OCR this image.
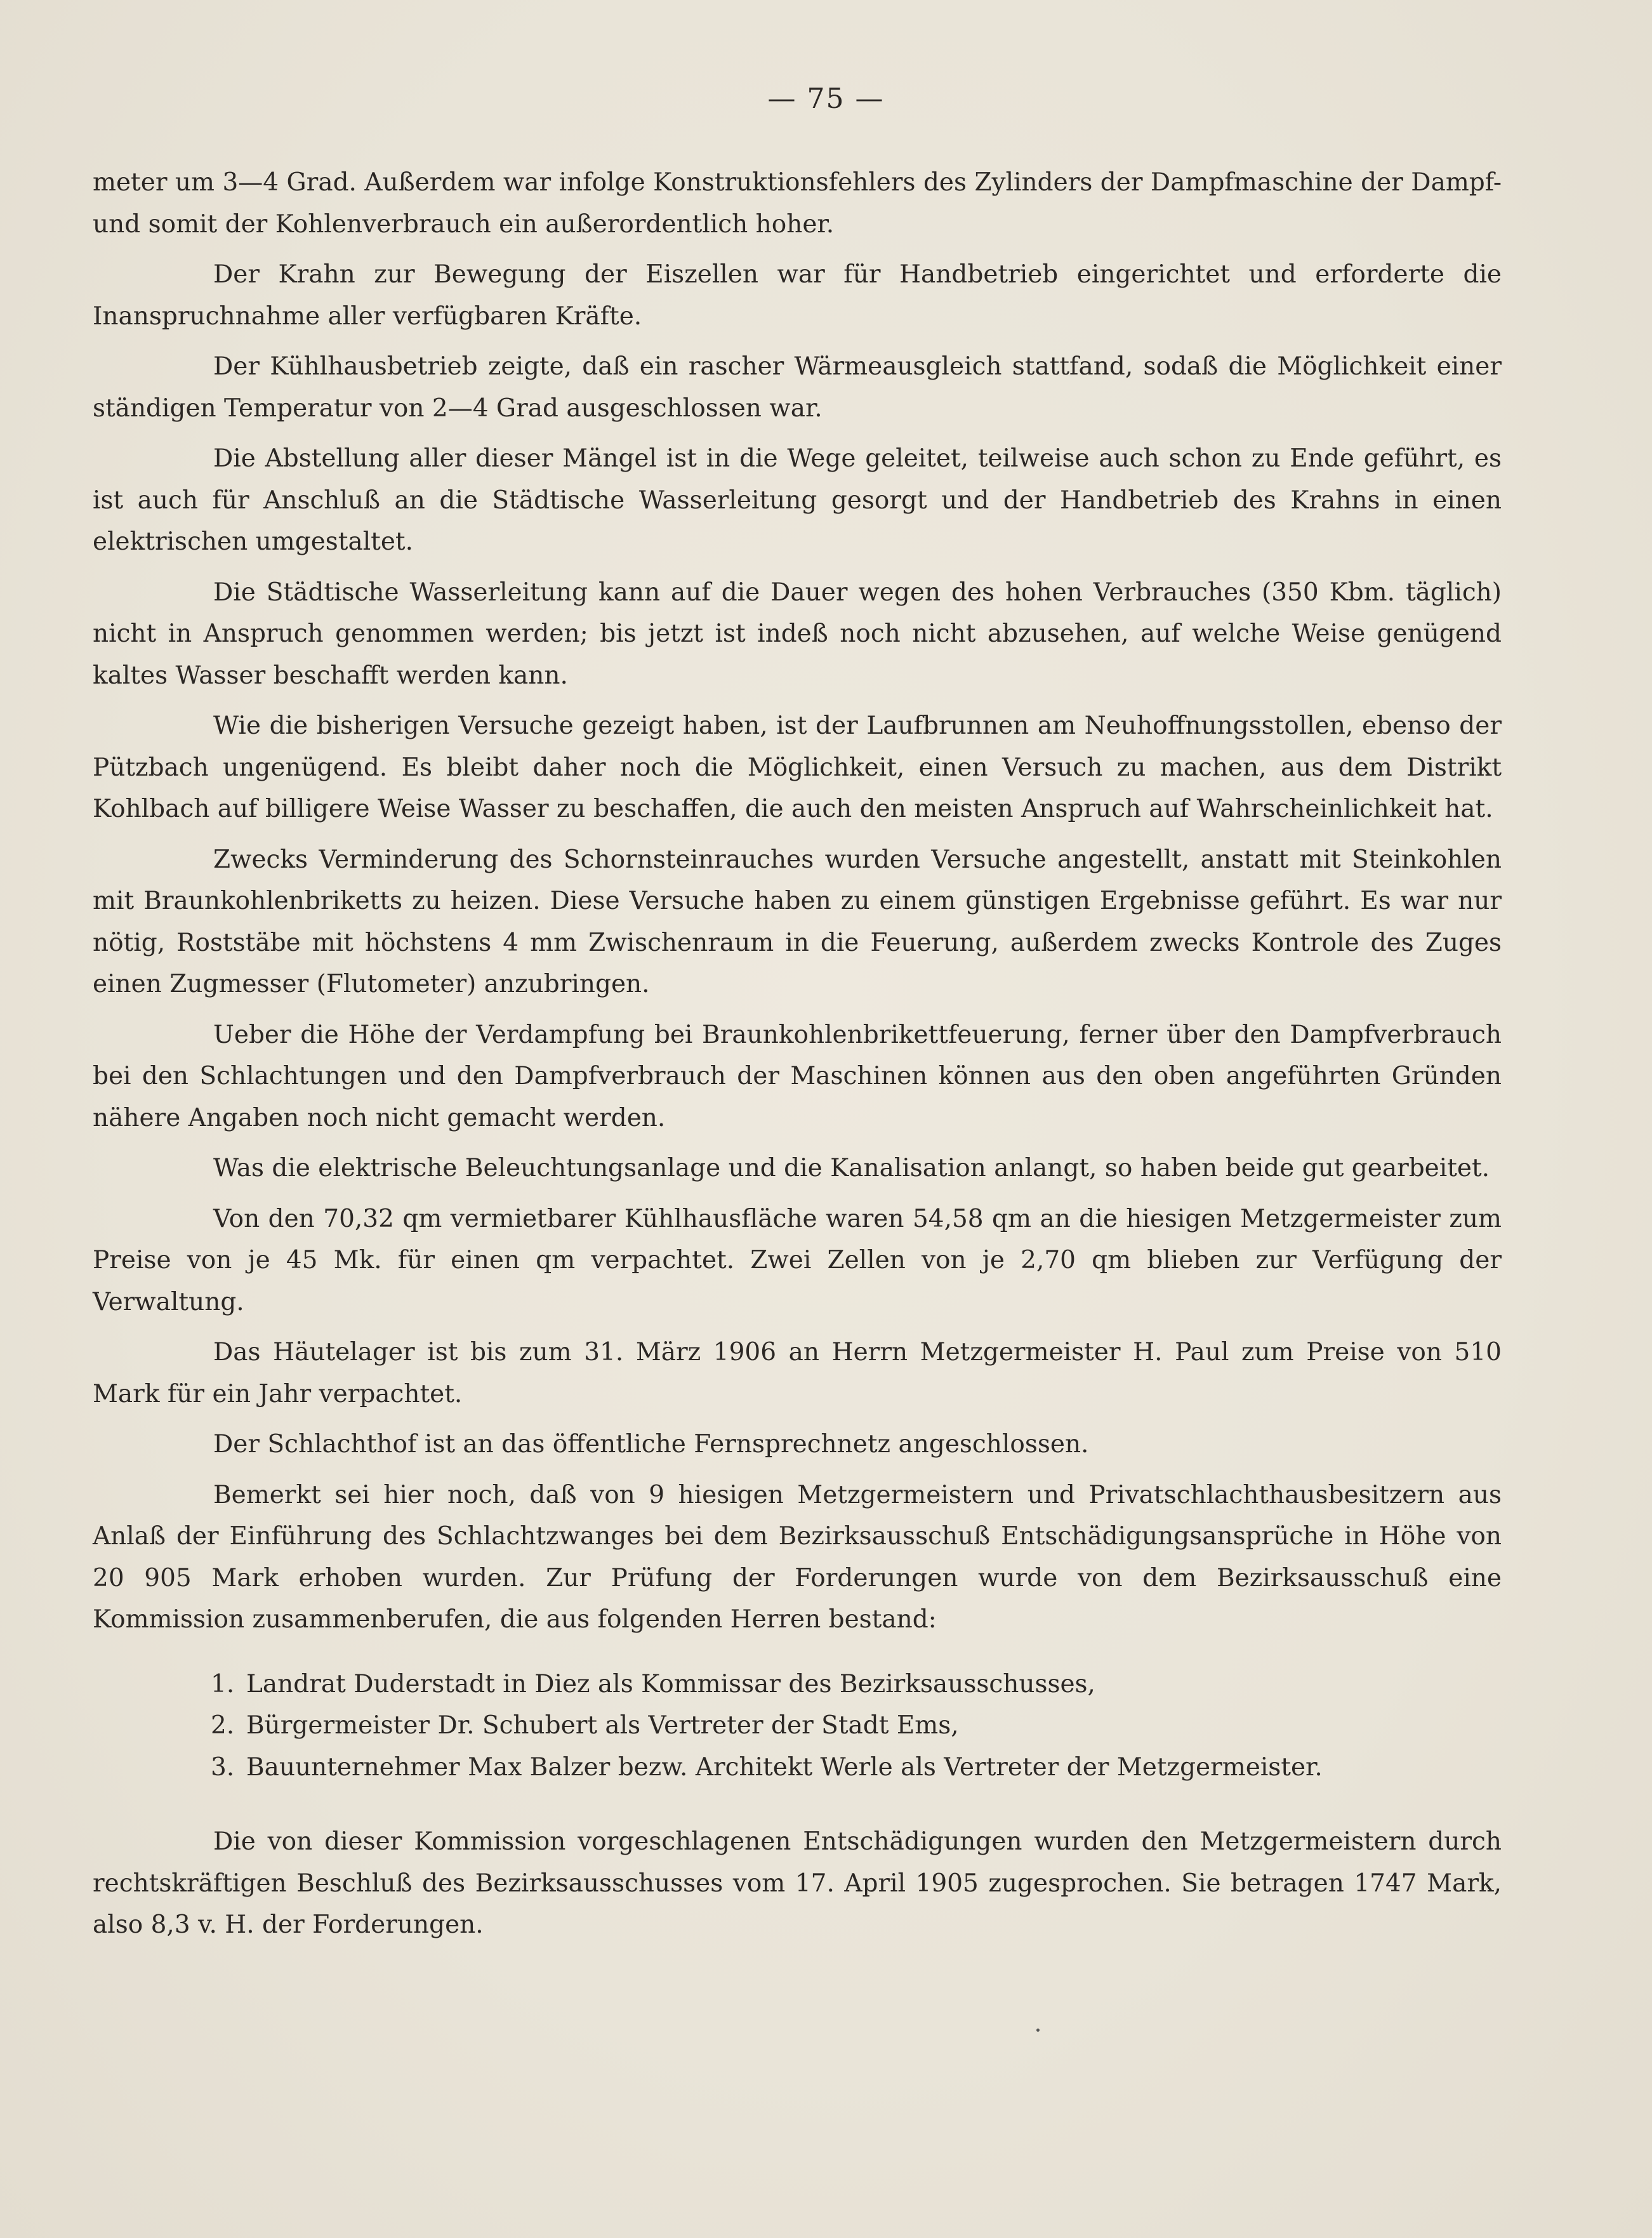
— 75 —

meter um 3—4 Grad. Außerdem war infolge Konstruktionsfehlers des Zylinders der Dampfmaschine der Dampf- und somit der Kohlenverbrauch ein außerordentlich hoher.

Der Krahn zur Bewegung der Eiszellen war für Handbetrieb eingerichtet und erforderte die Inanspruchnahme aller verfügbaren Kräfte.

Der Kühlhausbetrieb zeigte, daß ein rascher Wärmeausgleich stattfand, sodaß die Möglichkeit einer ständigen Temperatur von 2—4 Grad ausgeschlossen war.

Die Abstellung aller dieser Mängel ist in die Wege geleitet, teilweise auch schon zu Ende geführt, es ist auch für Anschluß an die Städtische Wasserleitung gesorgt und der Handbetrieb des Krahns in einen elektrischen umgestaltet.

Die Städtische Wasserleitung kann auf die Dauer wegen des hohen Verbrauches (350 Kbm. täglich) nicht in Anspruch genommen werden; bis jetzt ist indeß noch nicht abzusehen, auf welche Weise genügend kaltes Wasser beschafft werden kann.

Wie die bisherigen Versuche gezeigt haben, ist der Laufbrunnen am Neuhoffnungsstollen, ebenso der Pützbach ungenügend. Es bleibt daher noch die Möglichkeit, einen Versuch zu machen, aus dem Distrikt Kohlbach auf billigere Weise Wasser zu beschaffen, die auch den meisten Anspruch auf Wahrscheinlichkeit hat.

Zwecks Verminderung des Schornsteinrauches wurden Versuche angestellt, anstatt mit Steinkohlen mit Braunkohlenbriketts zu heizen. Diese Versuche haben zu einem günstigen Ergebnisse geführt. Es war nur nötig, Roststäbe mit höchstens 4 mm Zwischenraum in die Feuerung, außerdem zwecks Kontrole des Zuges einen Zugmesser (Flutometer) anzubringen.

Ueber die Höhe der Verdampfung bei Braunkohlenbrikettfeuerung, ferner über den Dampfverbrauch bei den Schlachtungen und den Dampfverbrauch der Maschinen können aus den oben angeführten Gründen nähere Angaben noch nicht gemacht werden.

Was die elektrische Beleuchtungsanlage und die Kanalisation anlangt, so haben beide gut gearbeitet.

Von den 70,32 qm vermietbarer Kühlhausfläche waren 54,58 qm an die hiesigen Metzgermeister zum Preise von je 45 Mk. für einen qm verpachtet. Zwei Zellen von je 2,70 qm blieben zur Verfügung der Verwaltung.

Das Häutelager ist bis zum 31. März 1906 an Herrn Metzgermeister H. Paul zum Preise von 510 Mark für ein Jahr verpachtet.

Der Schlachthof ist an das öffentliche Fernsprechnetz angeschlossen.

Bemerkt sei hier noch, daß von 9 hiesigen Metzgermeistern und Privatschlachthausbesitzern aus Anlaß der Einführung des Schlachtzwanges bei dem Bezirksausschuß Entschädigungsansprüche in Höhe von 20 905 Mark erhoben wurden. Zur Prüfung der Forderungen wurde von dem Bezirksausschuß eine Kommission zusammenberufen, die aus folgenden Herren bestand:

1. Landrat Duderstadt in Diez als Kommissar des Bezirksausschusses,
2. Bürgermeister Dr. Schubert als Vertreter der Stadt Ems,
3. Bauunternehmer Max Balzer bezw. Architekt Werle als Vertreter der Metzgermeister.

Die von dieser Kommission vorgeschlagenen Entschädigungen wurden den Metzgermeistern durch rechtskräftigen Beschluß des Bezirksausschusses vom 17. April 1905 zugesprochen. Sie betragen 1747 Mark, also 8,3 v. H. der Forderungen.
